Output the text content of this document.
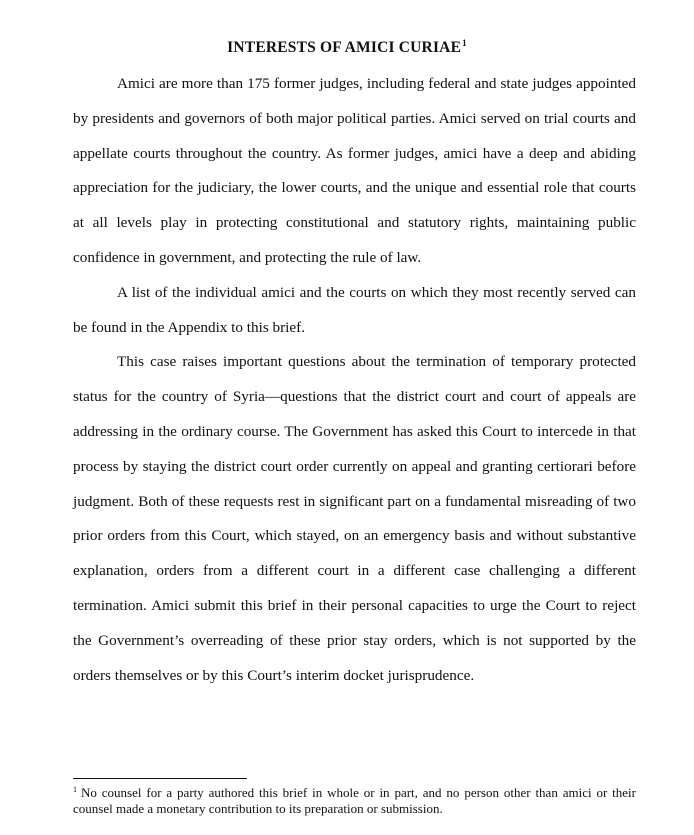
INTERESTS OF AMICI CURIAE$^1$

Amici are more than 175 former judges, including federal and state judges appointed by presidents and governors of both major political parties. Amici served on trial courts and appellate courts throughout the country. As former judges, amici have a deep and abiding appreciation for the judiciary, the lower courts, and the unique and essential role that courts at all levels play in protecting constitutional and statutory rights, maintaining public confidence in government, and protecting the rule of law.

A list of the individual amici and the courts on which they most recently served can be found in the Appendix to this brief.

This case raises important questions about the termination of temporary protected status for the country of Syria—questions that the district court and court of appeals are addressing in the ordinary course. The Government has asked this Court to intercede in that process by staying the district court order currently on appeal and granting certiorari before judgment. Both of these requests rest in significant part on a fundamental misreading of two prior orders from this Court, which stayed, on an emergency basis and without substantive explanation, orders from a different court in a different case challenging a different termination. Amici submit this brief in their personal capacities to urge the Court to reject the Government’s overreading of these prior stay orders, which is not supported by the orders themselves or by this Court’s interim docket jurisprudence.

$^1$ No counsel for a party authored this brief in whole or in part, and no person other than amici or their counsel made a monetary contribution to its preparation or submission.
